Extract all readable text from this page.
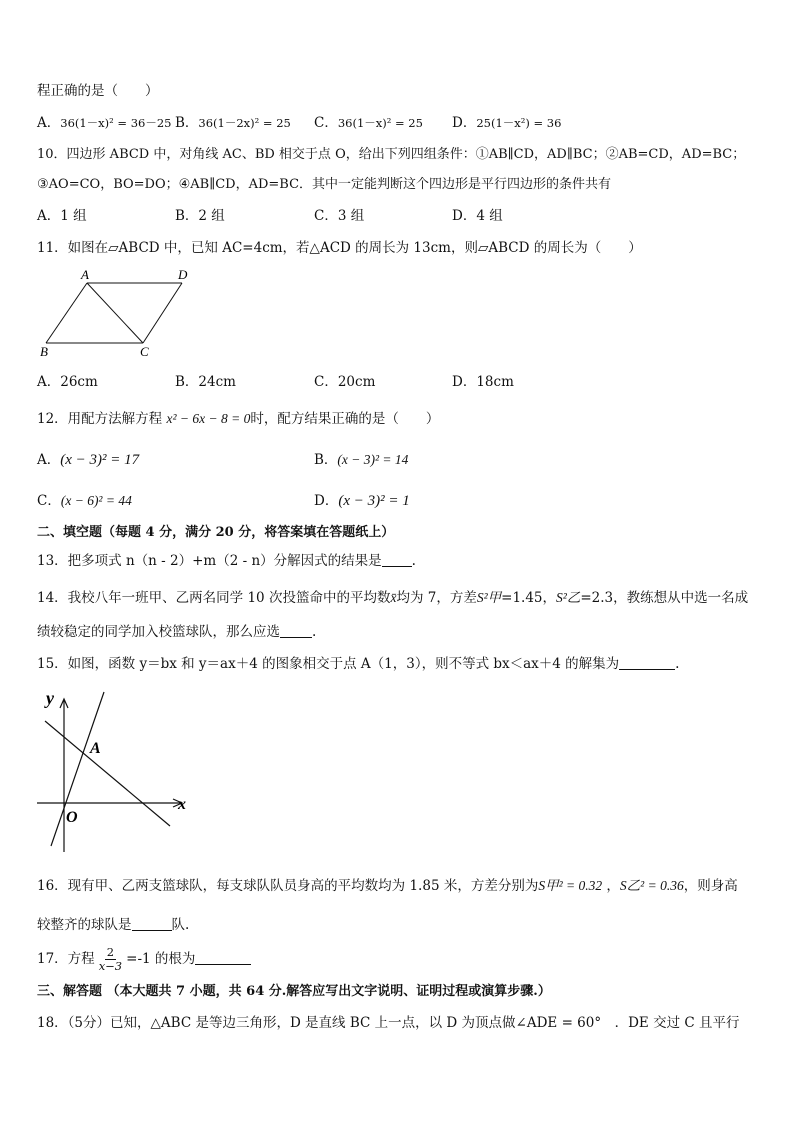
程正确的是（　　）
A．36(1－x)² = 36－25 B．36(1－2x)² = 25 C．36(1－x)² = 25 D．25(1－x²) = 36
10．四边形 ABCD 中，对角线 AC、BD 相交于点 O，给出下列四组条件：①AB∥CD，AD∥BC；②AB=CD，AD=BC；
③AO=CO，BO=DO；④AB∥CD，AD=BC．其中一定能判断这个四边形是平行四边形的条件共有
A．1 组	B．2 组	C．3 组	D．4 组
11．如图在▱ABCD 中，已知 AC=4cm，若△ACD 的周长为 13cm，则▱ABCD 的周长为（　　）
A	D
B	C
A．26cm	B．24cm	C．20cm	D．18cm
12．用配方法解方程 x² − 6x − 8 = 0时，配方结果正确的是（　　）
A．(x − 3)² = 17	B．(x − 3)² = 14
C．(x − 6)² = 44	D．(x − 3)² = 1
二、填空题（每题 4 分，满分 20 分，将答案填在答题纸上）
13．把多项式 n（n - 2）+m（2 - n）分解因式的结果是 .
14．我校八年一班甲、乙两名同学 10 次投篮命中的平均数x̄均为 7，方差S²甲=1.45，S²乙=2.3，教练想从中选一名成
绩较稳定的同学加入校篮球队，那么应选 .
15．如图，函数 y＝bx 和 y＝ax＋4 的图象相交于点 A（1，3），则不等式 bx＜ax＋4 的解集为	.
y
x
A
O
16．现有甲、乙两支篮球队，每支球队队员身高的平均数均为 1.85 米，方差分别为S甲² = 0.32 ，S乙² = 0.36，则身高
较整齐的球队是	队.
17．方程 $\frac{2}{x-3} =-1$ 的根为
三、解答题 （本大题共 7 小题，共 64 分.解答应写出文字说明、证明过程或演算步骤.）
18．（5分）已知，△ABC 是等边三角形，D 是直线 BC 上一点，以 D 为顶点做∠ADE = 60°　．DE 交过 C 且平行
